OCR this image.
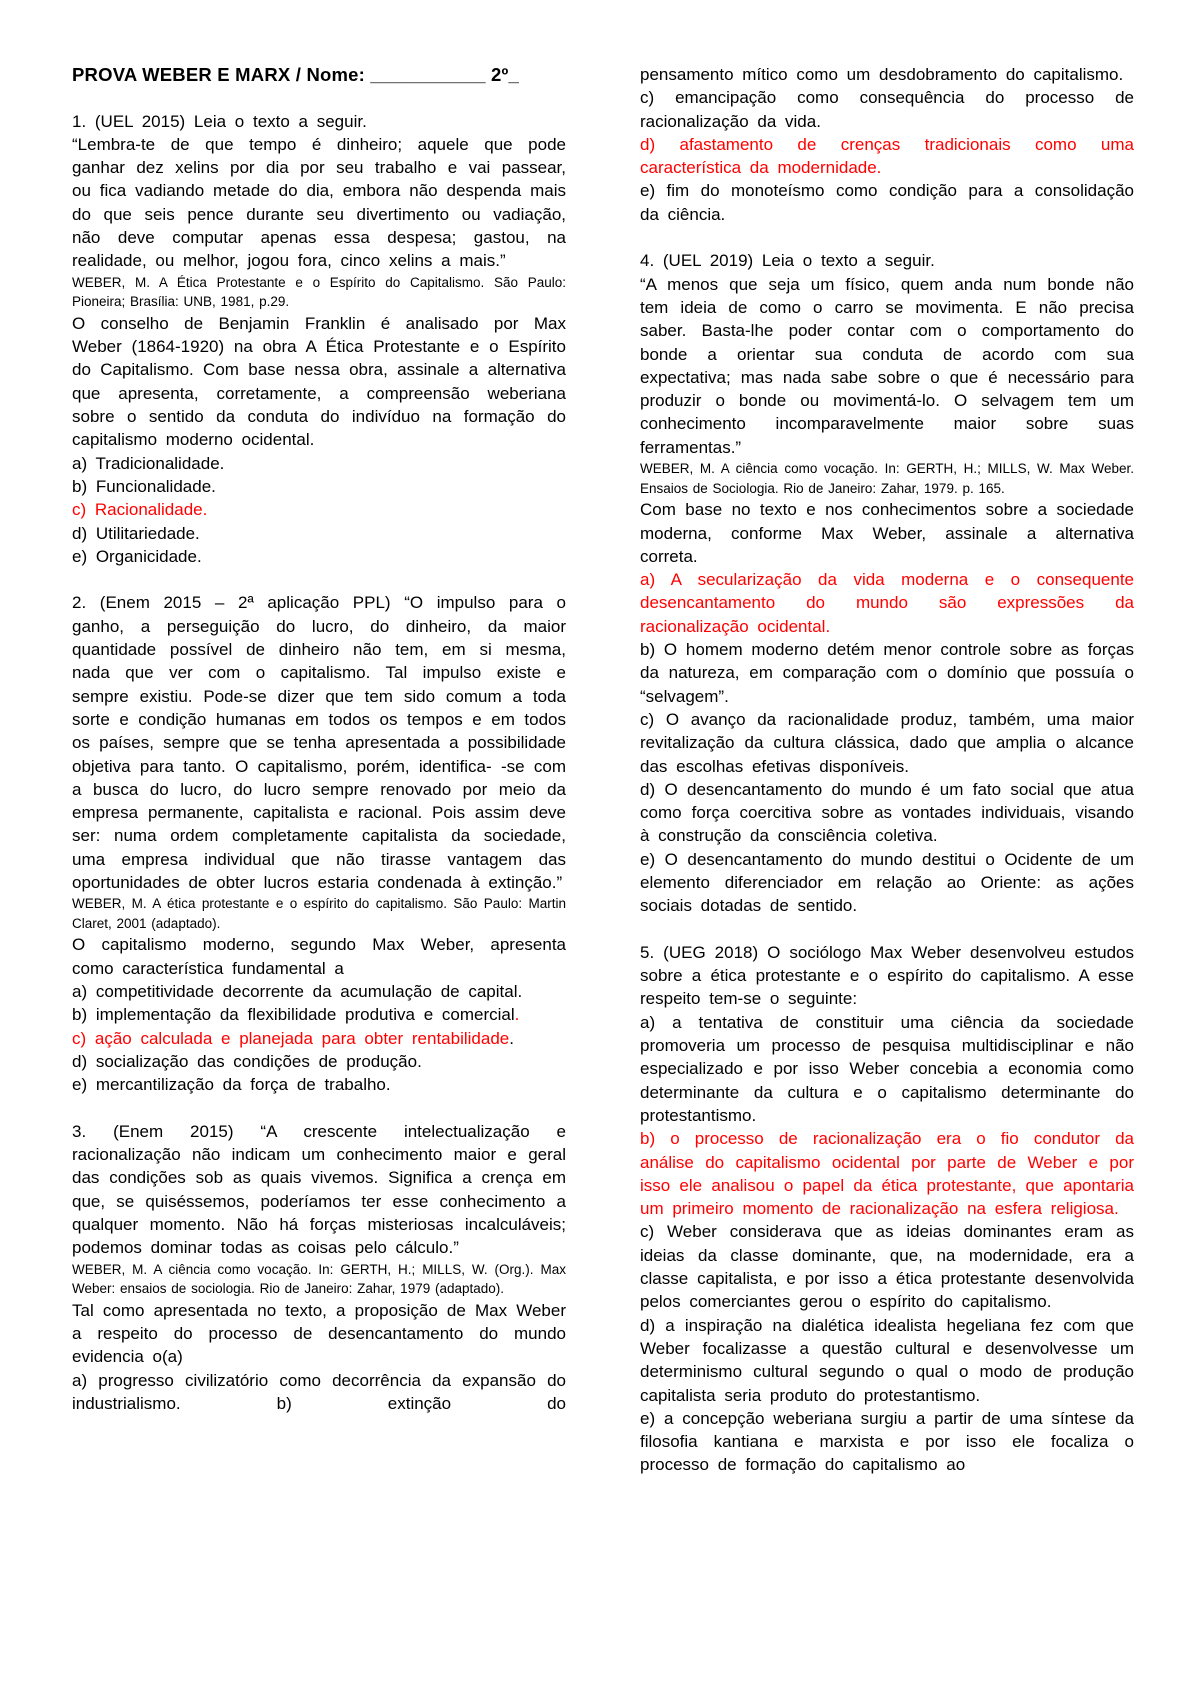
PROVA WEBER E MARX / Nome: ___________ 2º_

1. (UEL 2015) Leia o texto a seguir.

“Lembra-te de que tempo é dinheiro; aquele que pode ganhar dez xelins por dia por seu trabalho e vai passear, ou fica vadiando metade do dia, embora não despenda mais do que seis pence durante seu divertimento ou vadiação, não deve computar apenas essa despesa; gastou, na realidade, ou melhor, jogou fora, cinco xelins a mais.”

WEBER, M. A Ética Protestante e o Espírito do Capitalismo. São Paulo: Pioneira; Brasília: UNB, 1981, p.29.

O conselho de Benjamin Franklin é analisado por Max Weber (1864-1920) na obra A Ética Protestante e o Espírito do Capitalismo. Com base nessa obra, assinale a alternativa que apresenta, corretamente, a compreensão weberiana sobre o sentido da conduta do indivíduo na formação do capitalismo moderno ocidental.

a) Tradicionalidade.

b) Funcionalidade.

c) Racionalidade.

d) Utilitariedade.

e) Organicidade.

2. (Enem 2015 – 2ª aplicação PPL) “O impulso para o ganho, a perseguição do lucro, do dinheiro, da maior quantidade possível de dinheiro não tem, em si mesma, nada que ver com o capitalismo. Tal impulso existe e sempre existiu. Pode-se dizer que tem sido comum a toda sorte e condição humanas em todos os tempos e em todos os países, sempre que se tenha apresentada a possibilidade objetiva para tanto. O capitalismo, porém, identifica- -se com a busca do lucro, do lucro sempre renovado por meio da empresa permanente, capitalista e racional. Pois assim deve ser: numa ordem completamente capitalista da sociedade, uma empresa individual que não tirasse vantagem das oportunidades de obter lucros estaria condenada à extinção.”

WEBER, M. A ética protestante e o espírito do capitalismo. São Paulo: Martin Claret, 2001 (adaptado).

O capitalismo moderno, segundo Max Weber, apresenta como característica fundamental a

a) competitividade decorrente da acumulação de capital.

b) implementação da flexibilidade produtiva e comercial.

c) ação calculada e planejada para obter rentabilidade.

d) socialização das condições de produção.

e) mercantilização da força de trabalho.

3. (Enem 2015) “A crescente intelectualização e racionalização não indicam um conhecimento maior e geral das condições sob as quais vivemos. Significa a crença em que, se quiséssemos, poderíamos ter esse conhecimento a qualquer momento. Não há forças misteriosas incalculáveis; podemos dominar todas as coisas pelo cálculo.”

WEBER, M. A ciência como vocação. In: GERTH, H.; MILLS, W. (Org.). Max Weber: ensaios de sociologia. Rio de Janeiro: Zahar, 1979 (adaptado).

Tal como apresentada no texto, a proposição de Max Weber a respeito do processo de desencantamento do mundo evidencia o(a)

a) progresso civilizatório como decorrência da expansão do industrialismo. b) extinção do

pensamento mítico como um desdobramento do capitalismo.

c) emancipação como consequência do processo de racionalização da vida.

d) afastamento de crenças tradicionais como uma característica da modernidade.

e) fim do monoteísmo como condição para a consolidação da ciência.

4. (UEL 2019) Leia o texto a seguir.

“A menos que seja um físico, quem anda num bonde não tem ideia de como o carro se movimenta. E não precisa saber. Basta-lhe poder contar com o comportamento do bonde a orientar sua conduta de acordo com sua expectativa; mas nada sabe sobre o que é necessário para produzir o bonde ou movimentá-lo. O selvagem tem um conhecimento incomparavelmente maior sobre suas ferramentas.”

WEBER, M. A ciência como vocação. In: GERTH, H.; MILLS, W. Max Weber. Ensaios de Sociologia. Rio de Janeiro: Zahar, 1979. p. 165.

Com base no texto e nos conhecimentos sobre a sociedade moderna, conforme Max Weber, assinale a alternativa correta.

a) A secularização da vida moderna e o consequente desencantamento do mundo são expressões da racionalização ocidental.

b) O homem moderno detém menor controle sobre as forças da natureza, em comparação com o domínio que possuía o “selvagem”.

c) O avanço da racionalidade produz, também, uma maior revitalização da cultura clássica, dado que amplia o alcance das escolhas efetivas disponíveis.

d) O desencantamento do mundo é um fato social que atua como força coercitiva sobre as vontades individuais, visando à construção da consciência coletiva.

e) O desencantamento do mundo destitui o Ocidente de um elemento diferenciador em relação ao Oriente: as ações sociais dotadas de sentido.

5. (UEG 2018) O sociólogo Max Weber desenvolveu estudos sobre a ética protestante e o espírito do capitalismo. A esse respeito tem-se o seguinte:

a) a tentativa de constituir uma ciência da sociedade promoveria um processo de pesquisa multidisciplinar e não especializado e por isso Weber concebia a economia como determinante da cultura e o capitalismo determinante do protestantismo.

b) o processo de racionalização era o fio condutor da análise do capitalismo ocidental por parte de Weber e por isso ele analisou o papel da ética protestante, que apontaria um primeiro momento de racionalização na esfera religiosa.

c) Weber considerava que as ideias dominantes eram as ideias da classe dominante, que, na modernidade, era a classe capitalista, e por isso a ética protestante desenvolvida pelos comerciantes gerou o espírito do capitalismo.

d) a inspiração na dialética idealista hegeliana fez com que Weber focalizasse a questão cultural e desenvolvesse um determinismo cultural segundo o qual o modo de produção capitalista seria produto do protestantismo.

e) a concepção weberiana surgiu a partir de uma síntese da filosofia kantiana e marxista e por isso ele focaliza o processo de formação do capitalismo ao
